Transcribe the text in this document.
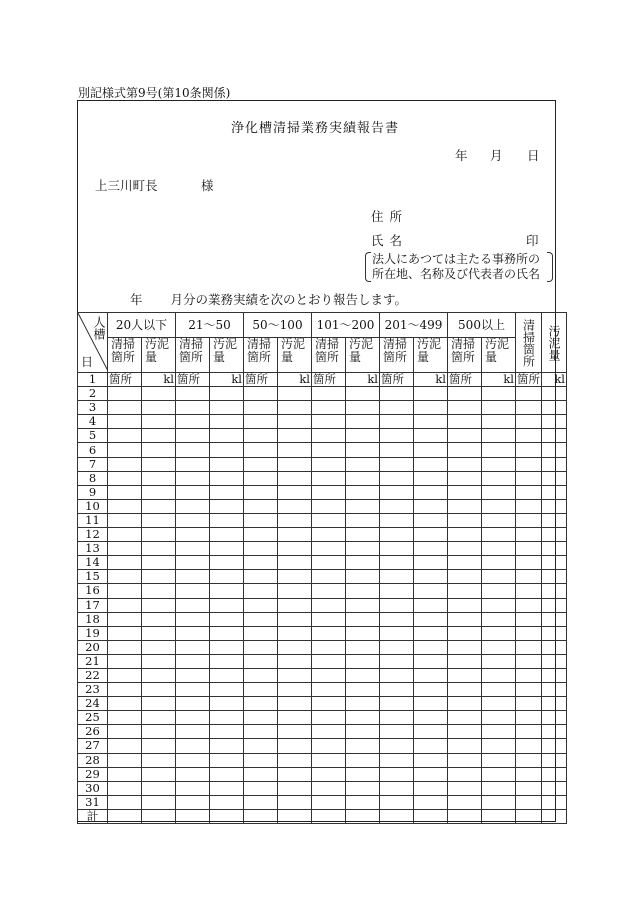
別記様式第9号(第10条関係)
浄化槽清掃業務実績報告書
年 月 日
上三川町長	様
住所
氏名	印
法人にあつては主たる事務所の
所在地、名称及び代表者の氏名
年 月分の業務実績を次のとおり報告します。
人槽
日	20人以下		21～50		50～100		101～200		201～499		500以上		清掃箇所	汚泥量

	清掃箇所	汚泥量	清掃箇所	汚泥量	清掃箇所	汚泥量	清掃箇所	汚泥量	清掃箇所	汚泥量	清掃箇所	汚泥量		
1	箇所	kl	箇所	kl	箇所	kl	箇所	kl	箇所	kl	箇所	kl	箇所	kl
2														
3														
4														
5														
6														
7														
8														
9														
10														
11														
12														
13														
14														
15														
16														
17														
18														
19														
20														
21														
22														
23														
24														
25														
26														
27														
28														
29														
30														
31														
計														
